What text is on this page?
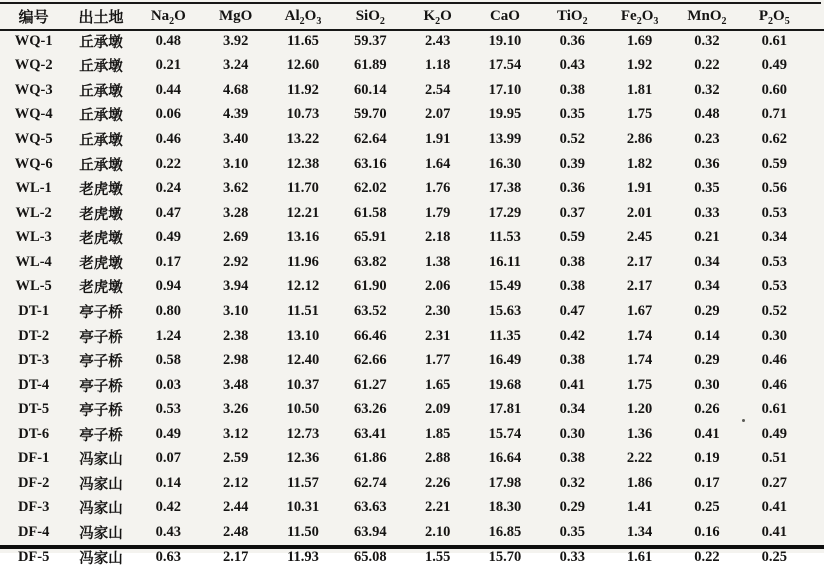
编号	出土地	$Na_2O$	MgO	$Al_2O_3$	SiO$_2$	$K_2O$	CaO	TiO$_2$	$Fe_2O_3$	MnO$_2$	$P_2O_5$
WQ-1	丘承墩	0.48	3.92	11.65	59.37	2.43	19.10	0.36	1.69	0.32	0.61
WQ-2	丘承墩	0.21	3.24	12.60	61.89	1.18	17.54	0.43	1.92	0.22	0.49
WQ-3	丘承墩	0.44	4.68	11.92	60.14	2.54	17.10	0.38	1.81	0.32	0.60
WQ-4	丘承墩	0.06	4.39	10.73	59.70	2.07	19.95	0.35	1.75	0.48	0.71
WQ-5	丘承墩	0.46	3.40	13.22	62.64	1.91	13.99	0.52	2.86	0.23	0.62
WQ-6	丘承墩	0.22	3.10	12.38	63.16	1.64	16.30	0.39	1.82	0.36	0.59
WL-1	老虎墩	0.24	3.62	11.70	62.02	1.76	17.38	0.36	1.91	0.35	0.56
WL-2	老虎墩	0.47	3.28	12.21	61.58	1.79	17.29	0.37	2.01	0.33	0.53
WL-3	老虎墩	0.49	2.69	13.16	65.91	2.18	11.53	0.59	2.45	0.21	0.34
WL-4	老虎墩	0.17	2.92	11.96	63.82	1.38	16.11	0.38	2.17	0.34	0.53
WL-5	老虎墩	0.94	3.94	12.12	61.90	2.06	15.49	0.38	2.17	0.34	0.53
DT-1	亭子桥	0.80	3.10	11.51	63.52	2.30	15.63	0.47	1.67	0.29	0.52
DT-2	亭子桥	1.24	2.38	13.10	66.46	2.31	11.35	0.42	1.74	0.14	0.30
DT-3	亭子桥	0.58	2.98	12.40	62.66	1.77	16.49	0.38	1.74	0.29	0.46
DT-4	亭子桥	0.03	3.48	10.37	61.27	1.65	19.68	0.41	1.75	0.30	0.46
DT-5	亭子桥	0.53	3.26	10.50	63.26	2.09	17.81	0.34	1.20	0.26	0.61
DT-6	亭子桥	0.49	3.12	12.73	63.41	1.85	15.74	0.30	1.36	0.41	0.49
DF-1	冯家山	0.07	2.59	12.36	61.86	2.88	16.64	0.38	2.22	0.19	0.51
DF-2	冯家山	0.14	2.12	11.57	62.74	2.26	17.98	0.32	1.86	0.17	0.27
DF-3	冯家山	0.42	2.44	10.31	63.63	2.21	18.30	0.29	1.41	0.25	0.41
DF-4	冯家山	0.43	2.48	11.50	63.94	2.10	16.85	0.35	1.34	0.16	0.41
DF-5	冯家山	0.63	2.17	11.93	65.08	1.55	15.70	0.33	1.61	0.22	0.25
